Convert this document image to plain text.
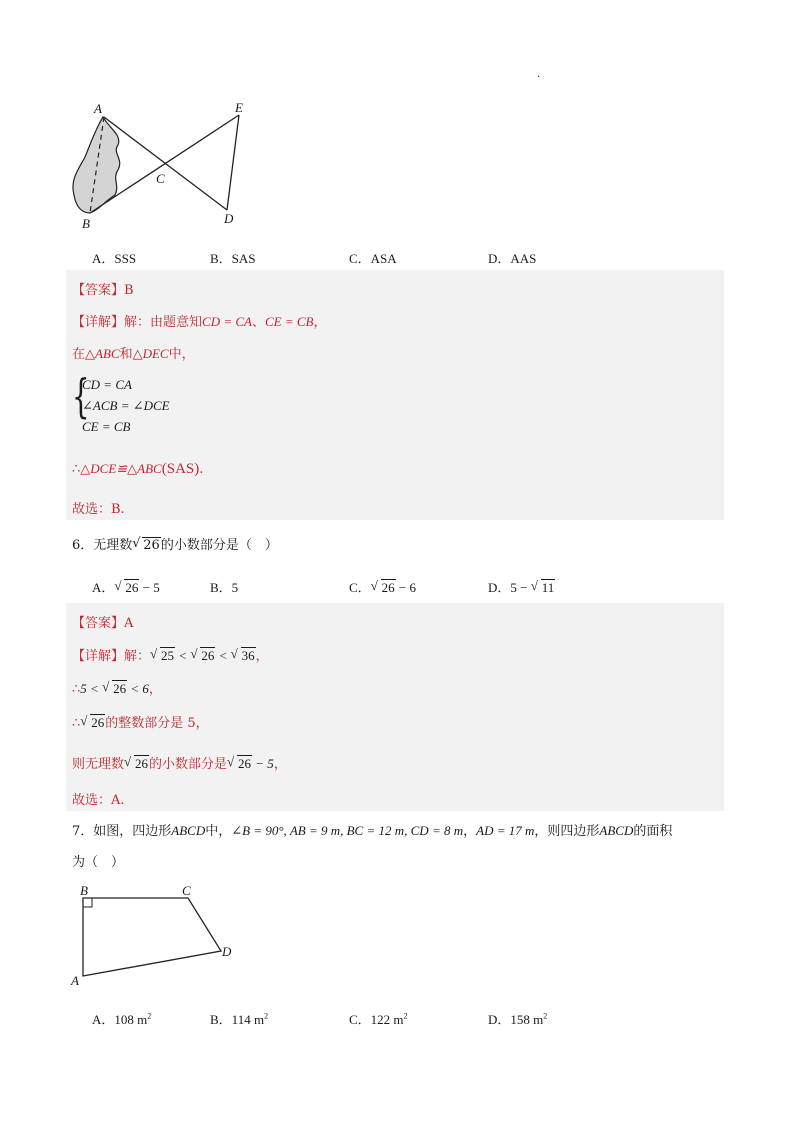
·
A	E
C
B	D
A．SSS	B．SAS	C．ASA	D．AAS
【答案】B
【详解】解：由题意知CD = CA、CE = CB，
在△ABC和△DEC中，
{
CD = CA
∠ACB = ∠DCE
CE = CB
∴△DCE≌△ABC(SAS).
故选：B.
6．无理数 √ 26的小数部分是（　）
A． √ 26 − 5	B．5	C． √ 26 − 6	D．5 − √ 11
【答案】A
【详解】解： √ 25 < √ 26 < √ 36，
∴5 < √ 26 < 6，
∴ √ 26的整数部分是 5，
则无理数 √ 26的小数部分是 √ 26 − 5，
故选：A.
7．如图，四边形ABCD中，∠B = 90°, AB = 9 m, BC = 12 m, CD = 8 m，AD = 17 m，则四边形ABCD的面积
为（　）
B	C
D
A
A．108 $m^2$	B．114 $m^2$	C．122 $m^2$	D．158 $m^2$
